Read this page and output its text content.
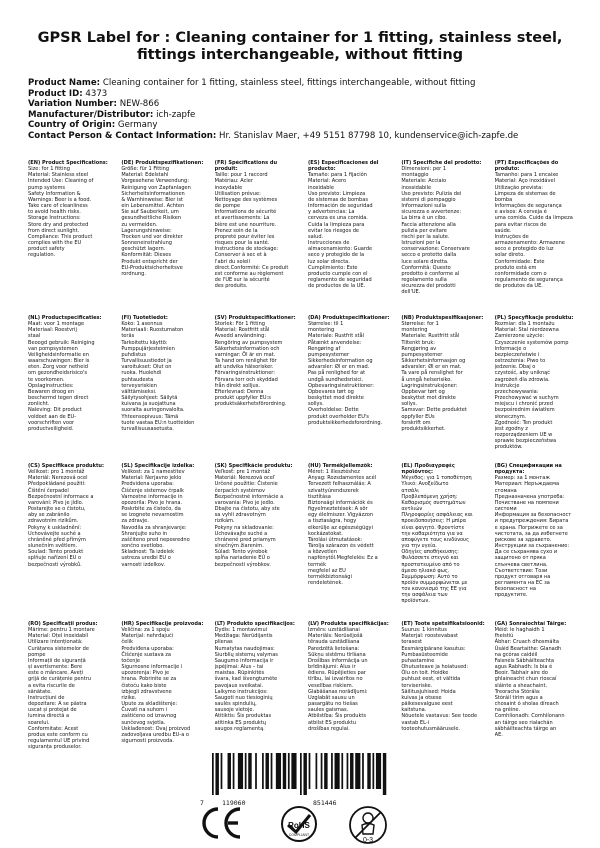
GPSR Label for : Cleaning container for 1 fitting, stainless steel, fittings interchangeable, without fitting
Product Name: Cleaning container for 1 fitting, stainless steel, fittings interchangeable, without fitting
Product ID: 4373
Variation Number: NEW-866
Manufacturer/Distributor: ich-zapfe
Country of Origin: Germany
Contact Person & Contact Information: Hr. Stanislav Maer, +49 5151 87798 10, kundenservice@ich-zapfe.de

(EN) Product Specifications:

Size: for 1 fitting

Material: Stainless steel

Intended Use: Cleaning of

pump systems

Safety Information &

Warnings: Beer is a food.

Take care of cleanliness

to avoid health risks.

Storage Instructions:

Store dry and protected

from direct sunlight.

Compliance: This product

complies with the EU

product safety

regulation.

(DE) Produktspezifikationen:

Größe: für 1 Fitting

Material: Edelstahl

Vorgesehene Verwendung:

Reinigung von Zapfanlagen

Sicherheitsinformationen

& Warnhinweise: Bier ist

ein Lebensmittel. Achten

Sie auf Sauberkeit, um

gesundheitliche Risiken

zu vermeiden.

Lagerungshinweise:

Trocken und vor direkter

Sonneneinstrahlung

geschützt lagern.

Konformität: Dieses

Produkt entspricht der

EU-Produktsicherheitsve

rordnung.

(FR) Spécifications du produit:

Taille: pour 1 raccord

Matériau: Acier

inoxydable

Utilisation prévue:

Nettoyage des systèmes

de pompe

Informations de sécurité

et avertissements: La

bière est une nourriture.

Prenez soin de la

propreté pour éviter les

risques pour la santé.

Instructions de stockage:

Conserver à sec et à

l'abri du soleil

direct.Conformité: Ce produit

est conforme au règlement

de l'UE sur la sécurité

des produits.

(ES) Especificaciones del producto:

Tamaño: para 1 fijación

Material: Acero

inoxidable

Uso previsto: Limpieza

de sistemas de bombas

Información de seguridad

y advertencias: La

cerveza es una comida.

Cuida la limpieza para

evitar los riesgos de

salud.

Instrucciones de

almacenamiento: Guarde

seco y protegido de la

luz solar directa.

Cumplimiento: Este

producto cumple con el

reglamento de seguridad

de productos de la UE.

(IT) Specifiche del prodotto:

Dimensioni: per 1

montaggio

Materiale: Acciaio

inossidabile

Uso previsto: Pulizia dei

sistemi di pompaggio

Informazioni sulla

sicurezza e avvertenze:

La birra è un cibo.

Faccia attenzione alla

pulizia per evitare

rischi per la salute.

Istruzioni per la

conservazione: Conservare

secco e protetto dalla

luce solare diretta.

Conformità: Questo

prodotto è conforme al

regolamento sulla

sicurezza dei prodotti

dell'UE.

(PT) Especificações do produto:

Tamanho: para 1 encaixe

Material: Aço inoxidável

Utilização prevista:

Limpeza de sistemas de

bomba

Informações de segurança

e avisos: A cerveja é

uma comida. Cuide da limpeza

para evitar riscos de

saúde.

Instruções de

armazenamento: Armazene

seco e protegido do luz

solar direto.

Conformidade: Este

produto está em

conformidade com o

regulamento de segurança

de produtos da UE.

(NL) Productspecificaties:

Maat: voor 1 montage

Materiaal: Roestvrij

staal

Beoogd gebruik: Reiniging

van pompsystemen

Veiligheidsinformatie en

waarschuwingen: Bier is

eten. Zorg voor netheid

om gezondheidsrisico's

te voorkomen.

Opslaginstructies:

Bewaren droog en

beschermd tegen direct

zonlicht.

Naleving: Dit product

voldoet aan de EU-

voorschriften voor

productveiligheid.

(FI) Tuotetiedot:

Koko: 1 asennus

Materiaali: Ruostumaton

teräs

Tarkoitettu käyttö:

Pumppujärjestelmien

puhdistus

Turvallisuustiedot ja

varoitukset: Olut on

ruoka. Huolehdi

puhtaudesta

terveysriskien

välttämiseksi.

Säilytysohjeet: Säilytä

kuivana ja suojattuna

suoralta auringonvalolta.

Yhteensopivuus: Tämä

tuote vastaa EU:n tuotteiden

turvallisuusasetusta.

(SV) Produktspecifikationer:

Storlek: För 1 fitting

Material: Rostfritt stål

Avsedd användning:

Rengöring av pumpsystem

Säkerhetsinformation och

varningar: Öl är en mat.

Ta hand om renlighet för

att undvika hälsorisker.

Förvaringsinstruktioner:

Förvara torr och skyddad

från direkt solljus.

Efterlevnad: Denna

produkt uppfyller EU:s

produktsäkerhetsförordning.

(DA) Produktspecifikationer:

Størrelse: til 1

montering

Materiale: Rustfrit stål

Påtænkt anvendelse:

Rengøring af

pumpesystemer

Sikkerhedsinformation og

advarsler: Øl er en mad.

Pas på renlighed for at

undgå sundhedsrisici.

Opbevaringsinstruktioner:

Opbevares tørt og

beskyttet mod direkte

sollys.

Overholdelse: Dette

produkt overholder EU's

produktsikkerhedsforordning.

(NB) Produktspesifikasjoner:

Størrelse: for 1

montering

Materiale: Rustfritt stål

Tiltenkt bruk:

Rengjøring av

pumpesystemer

Sikkerhetsinformasjon og

advarsler: Øl er en mat.

Ta vare på renslighet for

å unngå helserisiko.

Lagringsinstruksjoner:

Oppbevar tørt og

beskyttet mot direkte

sollys.

Samsvar: Dette produktet

oppfyller EUs

forskrift om

produktsikkerhet.

(PL) Specyfikacje produktu:

Rozmiar: dla 1 montażu

Materiał: Stal nierdzewna

Zamierzone użycie:

Czyszczenie systemów pomp

Informacje o

bezpieczeństwie i

ostrzeżenia: Piwo to

jedzenie. Dbaj o

czystość, aby uniknąć

zagrożeń dla zdrowia.

Instrukcje

przechowywania:

Przechowywać w suchym

miejscu i chronić przed

bezpośrednim światłem

słonecznym.

Zgodność: Ten produkt

jest zgodny z

rozporządzeniem UE w

sprawie bezpieczeństwa

produktów.

(CS) Specifikace produktu:

Velikost: pro 1 montáž

Materiál: Nerezová ocel

Předpokládané použití:

Čištění čerpadel

Bezpečnostní informace a

varování: Pivo je jídlo.

Postarejte se o čistotu,

aby se zabránilo

zdravotním rizikům.

Pokyny k uskladnění:

Uchovávejte suché a

chráněné před přímým

slunečním světlem.

Soulad: Tento produkt

splňuje nařízení EU o

bezpečnosti výrobků.

(SL) Specifikacije izdelka:

Velikost: za 1 namestitev

Material: Nerjavno jeklo

Predvidena uporaba:

Čiščenje sistemov črpalk

Varnostne informacije in

opozorila: Pivo je hrana.

Poskrbite za čistočo, da

se izognete nevarnostim

za zdravje.

Navodila za shranjevanje:

Shranjujte suho in

zaščiteno pred neposredno

sončno svetlobo.

Skladnost: Ta izdelek

ustreza uredbi EU o

varnosti izdelkov.

(SK) Špecifikácie produktu:

Veľkosť: pre 1 montáž

Materiál: Nerezová oceľ

Určené použitie: Čistenie

čerpacích systémov

Bezpečnostné informácie a

varovania: Pivo je jedlo.

Dbajte na čistotu, aby ste

sa vyhli zdravotným

rizikám.

Pokyny na skladovanie:

Uchovávajte suché a

chránené pred priamym

slnečným žiarením.

Súlad: Tento výrobok

spĺňa nariadenie EÚ o

bezpečnosti výrobkov.

(HU) Termékjellemzők:

Méret: 1 illesztéshez

Anyag: Rozsdamentes acél

Tervezett felhasználás: A

szivattyúrendszerek

tisztítása

Biztonsági információk és

figyelmeztetések: A sör

egy élelmiszer. Vigyázzon

a tisztaságra, hogy

elkerülje az egészségügyi

kockázatokat.

Tárolási útmutatások:

Tárolja szárazon és védett

a közvetlen

napfénytől.Megfelelés: Ez a termék

megfelel az EU

termékbiztonsági

rendeletének.

(EL) Προδιαγραφές προϊόντος:

Μέγεθος: για 1 τοποθέτηση

Υλικό: Ανοξείδωτο

ατσάλι

Προβλεπόμενη χρήση:

Καθαρισμός συστημάτων

αντλιών

Πληροφορίες ασφάλειας και

προειδοποιήσεις: Η μπίρα

είναι φαγητό. Φροντίστε

την καθαριότητα για να

αποφύγετε τους κινδύνους

για την υγεία.

Οδηγίες αποθήκευσης:

Φυλάσσετε στεγνό και

προστατευμένο από το

άμεσο ηλιακό φως.

Συμμόρφωση: Αυτό το

προϊόν συμμορφώνεται με

τον κανονισμό της ΕΕ για

την ασφάλεια των

προϊόντων.

(BG) Спецификации на продукта:

Размер: за 1 монтаж

Материал: Неръждаема

стомана

Предназначена употреба:

Почистване на помпени

системи

Информация за безопасност

и предупреждения: Бирата

е храна. Погрижете се за

чистотата, за да избегнете

рискове за здравето.

Инструкции за съхранение:

Да се съхранява сухо и

защитено от пряка

слънчева светлина.

Съответствие: Този

продукт отговаря на

регламента на ЕС за

безопасност на

продуктите.

(RO) Specificații produs:

Mărime: pentru 1 montare

Material: Oțel inoxidabil

Utilizare intenționată:

Curățarea sistemelor de

pompe

Informații de siguranță

și avertismente: Bere

este o mâncare. Aveți

grijă de curățenie pentru

a evita riscurile de

sănătate.

Instrucțiuni de

depozitare: A se păstra

uscat și protejat de

lumina directă a

soarelui.

Conformitate: Acest

produs este conform cu

regulamentul UE privind

siguranța produselor.

(HR) Specifikacije proizvoda:

Veličina: za 1 spoju

Materijal: nehrđajući

čelik

Predviđena uporaba:

Čišćenje sustava za

točenje

Sigurnosne informacije i

upozorenja: Pivo je

hrana. Pobrinite se za

čistoću kako biste

izbjegli zdravstvene

rizike.

Upute za skladištenje:

Čuvati na suhom i

zaštićeno od izravnog

sunčevog svjetla.

Usklađenost: Ovaj proizvod

zadovoljava uredbu EU-a o

sigurnosti proizvoda.

(LT) Produkto specifikacijos:

Dydis: 1 montavimui

Medžiaga: Nerūdijantis

plienas

Numatytas naudojimas:

Siurblių sistemų valymas

Saugumo informacija ir

įspėjimai: Alus – tai

maistas. Rūpinkitės

švara, kad išvengtumėte

pavojaus sveikatai.

Laikymo instrukcijos:

Saugoti nuo tiesioginių

saulės spindulių,

sausoje vietoje.

Atitiktis: Šis produktas

atitinka ES produktų

saugos reglamentą.

(LV) Produkta specifikācijas:

Izmērs: uzstādīšanai

Materiāls: Nerūsējošā

tērauda uzstādīšana

Paredzētā lietošana:

Sūkņu sistēmu tīrīšana

Drošības informācija un

brīdinājumi: Alus ir

ēdiens. Rūpējieties par

tīrību, lai izvairītos no

veselības riskiem.

Glabāšanas norādījumi:

Uzglabāt sausu un

pasargātu no tiešas

saules gaismas.

Atbilstība: Šis produkts

atbilst ES produktu

drošības regulai.

(ET) Toote spetsifikatsioonid:

Suurus: 1 kinnitus

Materjal: roostevabast

terasest

Eesmärgipärane kasutus:

Pumbasüsteemide

puhastamine

Ohutusteave ja hoiatused:

Õlu on toit. Hoidke

puhtust eest, et vältida

terviseriske.

Säilitusjuhised: Hoida

kuivas ja otsese

päikesevalguse eest

kaitstuna.

Nõuetele vastavus: See toode

vastab EL-i

tooteohutusmäärusele.

(GA) Sonraíochtaí Táirge:

Méid: le haghaidh 1

fheistiú

Ábhar: Cruach dhosmálta

Úsáid Beartaithe: Glanadh

na gcóras caidéil

Faisnéis Sábháilteachta

agus Rabhadh: Is bia é

Beoir. Tabhair aire do

ghlaineacht chun rioscaí

sláinte a sheachaint.

Treoracha Stórála:

Stóráil tirim agus a

chosaint ó sholas díreach

na gréine.

Comhlíonadh: Comhlíonann

an táirge seo rialachán

sábháilteachta táirge an

AE.

7	119060	851446
RoHS
COMPLIANT
0-3
